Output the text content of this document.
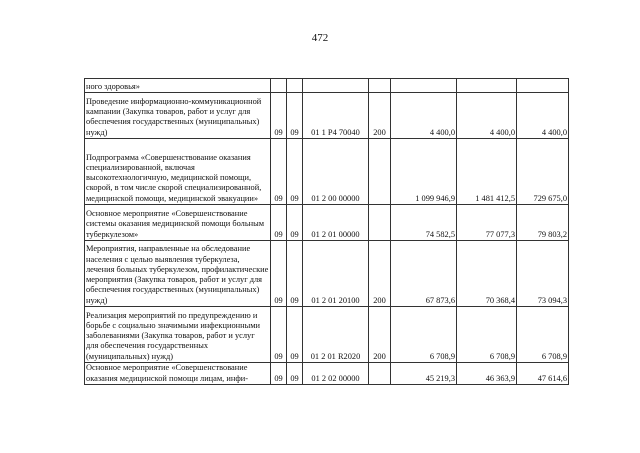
472
ного здоровья»							
Проведение информационно-коммуникационной кампании (Закупка товаров, работ и услуг для обеспечения государственных (муниципальных) нужд)	09	09	01 1 P4 70040	200	4 400,0	4 400,0	4 400,0
Подпрограмма «Совершенствование оказания специализированной, включая высокотехнологичную, медицинской помощи, скорой, в том числе скорой специализированной, медицинской помощи, медицинской эвакуации»	09	09	01 2 00 00000		1 099 946,9	1 481 412,5	729 675,0
Основное мероприятие «Совершенствование системы оказания медицинской помощи больным туберкулезом»	09	09	01 2 01 00000		74 582,5	77 077,3	79 803,2
Мероприятия, направленные на обследование населения с целью выявления туберкулеза, лечения больных туберкулезом, профилактические мероприятия (Закупка товаров, работ и услуг для обеспечения государственных (муниципальных) нужд)	09	09	01 2 01 20100	200	67 873,6	70 368,4	73 094,3
Реализация мероприятий по предупреждению и борьбе с социально значимыми инфекционными заболеваниями (Закупка товаров, работ и услуг для обеспечения государственных (муниципальных) нужд)	09	09	01 2 01 R2020	200	6 708,9	6 708,9	6 708,9
Основное мероприятие «Совершенствование оказания медицинской помощи лицам, инфи-	09	09	01 2 02 00000		45 219,3	46 363,9	47 614,6
